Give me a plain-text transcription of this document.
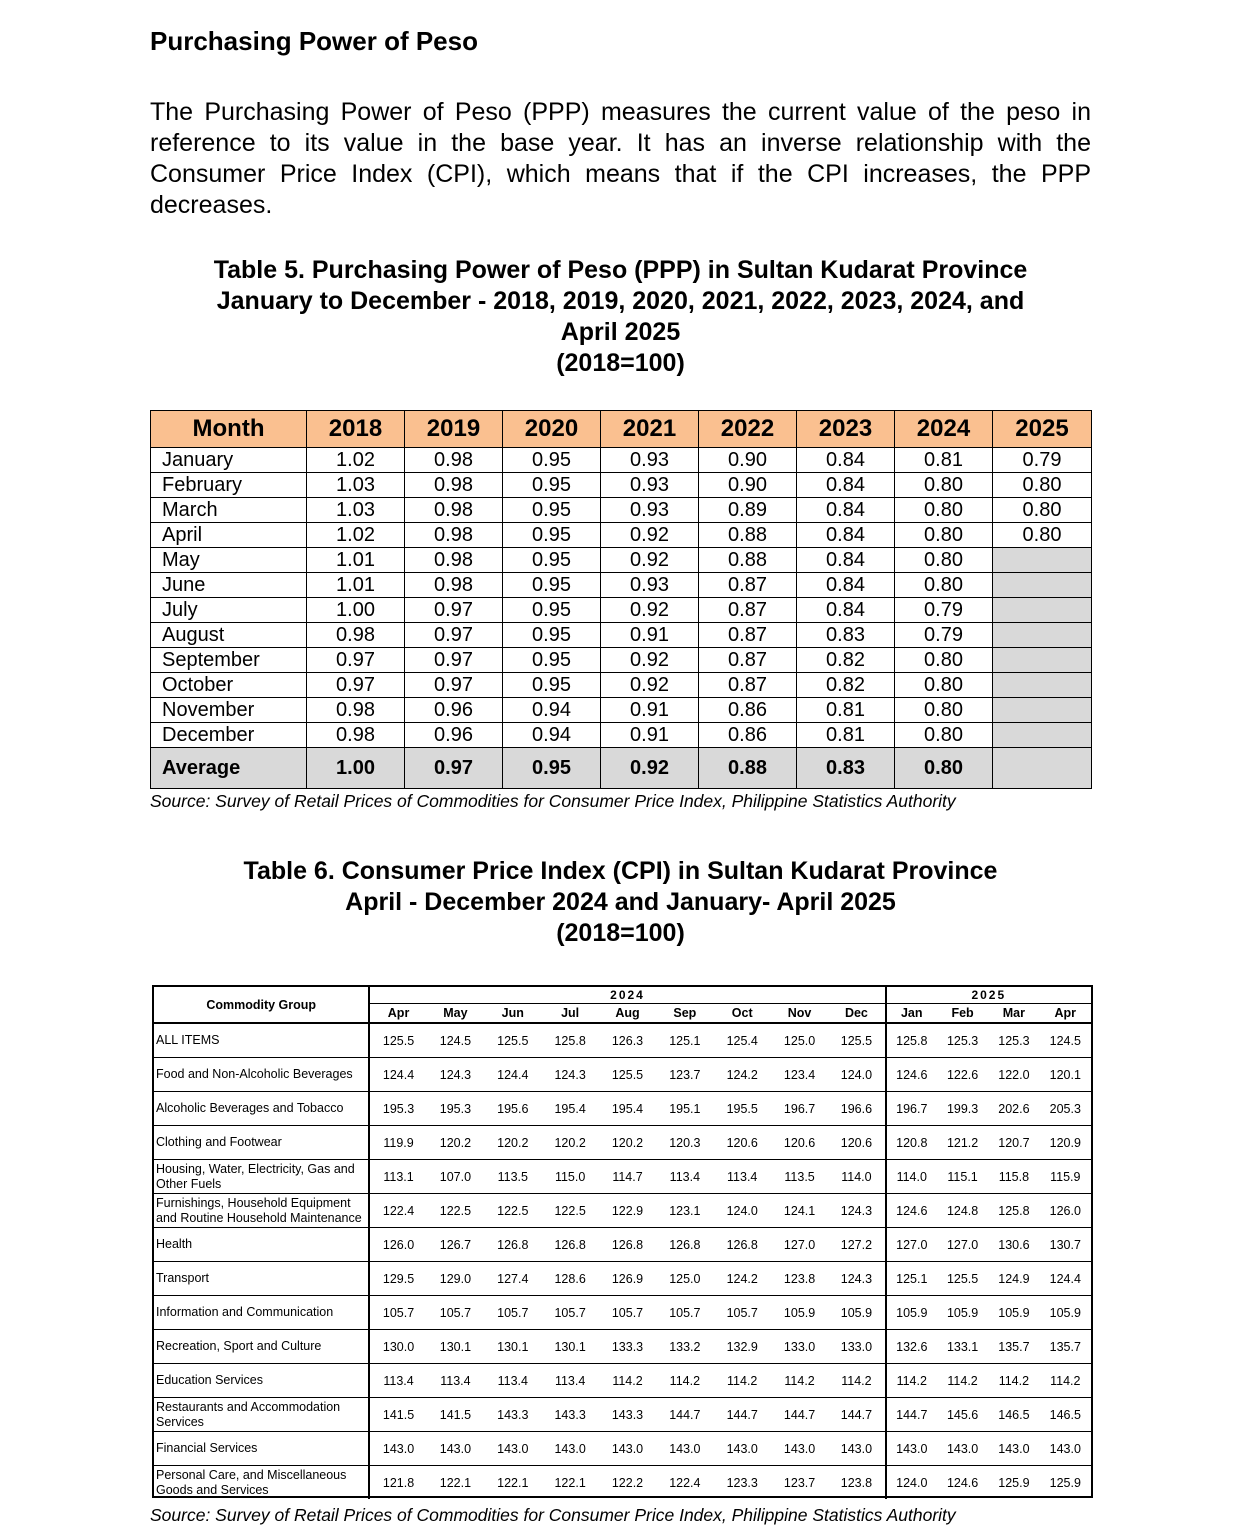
Purchasing Power of Peso

The Purchasing Power of Peso (PPP) measures the current value of the peso in reference to its value in the base year. It has an inverse relationship with the Consumer Price Index (CPI), which means that if the CPI increases, the PPP decreases.

Table 5. Purchasing Power of Peso (PPP) in Sultan Kudarat Province
January to December - 2018, 2019, 2020, 2021, 2022, 2023, 2024, and
April 2025
(2018=100)
Month	2018	2019	2020	2021	2022	2023	2024	2025
January	1.02	0.98	0.95	0.93	0.90	0.84	0.81	0.79
February	1.03	0.98	0.95	0.93	0.90	0.84	0.80	0.80
March	1.03	0.98	0.95	0.93	0.89	0.84	0.80	0.80
April	1.02	0.98	0.95	0.92	0.88	0.84	0.80	0.80
May	1.01	0.98	0.95	0.92	0.88	0.84	0.80	
June	1.01	0.98	0.95	0.93	0.87	0.84	0.80	
July	1.00	0.97	0.95	0.92	0.87	0.84	0.79	
August	0.98	0.97	0.95	0.91	0.87	0.83	0.79	
September	0.97	0.97	0.95	0.92	0.87	0.82	0.80	
October	0.97	0.97	0.95	0.92	0.87	0.82	0.80	
November	0.98	0.96	0.94	0.91	0.86	0.81	0.80	
December	0.98	0.96	0.94	0.91	0.86	0.81	0.80	
Average	1.00	0.97	0.95	0.92	0.88	0.83	0.80	
Source: Survey of Retail Prices of Commodities for Consumer Price Index, Philippine Statistics Authority
Table 6. Consumer Price Index (CPI) in Sultan Kudarat Province
April - December 2024 and January- April 2025
(2018=100)
Commodity Group	2024									2025			
	Apr	May	Jun	Jul	Aug	Sep	Oct	Nov	Dec	Jan	Feb	Mar	Apr
ALL ITEMS	125.5	124.5	125.5	125.8	126.3	125.1	125.4	125.0	125.5	125.8	125.3	125.3	124.5
Food and Non-Alcoholic Beverages	124.4	124.3	124.4	124.3	125.5	123.7	124.2	123.4	124.0	124.6	122.6	122.0	120.1
Alcoholic Beverages and Tobacco	195.3	195.3	195.6	195.4	195.4	195.1	195.5	196.7	196.6	196.7	199.3	202.6	205.3
Clothing and Footwear	119.9	120.2	120.2	120.2	120.2	120.3	120.6	120.6	120.6	120.8	121.2	120.7	120.9
Housing, Water, Electricity, Gas and Other Fuels	113.1	107.0	113.5	115.0	114.7	113.4	113.4	113.5	114.0	114.0	115.1	115.8	115.9
Furnishings, Household Equipment and Routine Household Maintenance	122.4	122.5	122.5	122.5	122.9	123.1	124.0	124.1	124.3	124.6	124.8	125.8	126.0
Health	126.0	126.7	126.8	126.8	126.8	126.8	126.8	127.0	127.2	127.0	127.0	130.6	130.7
Transport	129.5	129.0	127.4	128.6	126.9	125.0	124.2	123.8	124.3	125.1	125.5	124.9	124.4
Information and Communication	105.7	105.7	105.7	105.7	105.7	105.7	105.7	105.9	105.9	105.9	105.9	105.9	105.9
Recreation, Sport and Culture	130.0	130.1	130.1	130.1	133.3	133.2	132.9	133.0	133.0	132.6	133.1	135.7	135.7
Education Services	113.4	113.4	113.4	113.4	114.2	114.2	114.2	114.2	114.2	114.2	114.2	114.2	114.2
Restaurants and Accommodation Services	141.5	141.5	143.3	143.3	143.3	144.7	144.7	144.7	144.7	144.7	145.6	146.5	146.5
Financial Services	143.0	143.0	143.0	143.0	143.0	143.0	143.0	143.0	143.0	143.0	143.0	143.0	143.0
Personal Care, and Miscellaneous Goods and Services	121.8	122.1	122.1	122.1	122.2	122.4	123.3	123.7	123.8	124.0	124.6	125.9	125.9
Source: Survey of Retail Prices of Commodities for Consumer Price Index, Philippine Statistics Authority
